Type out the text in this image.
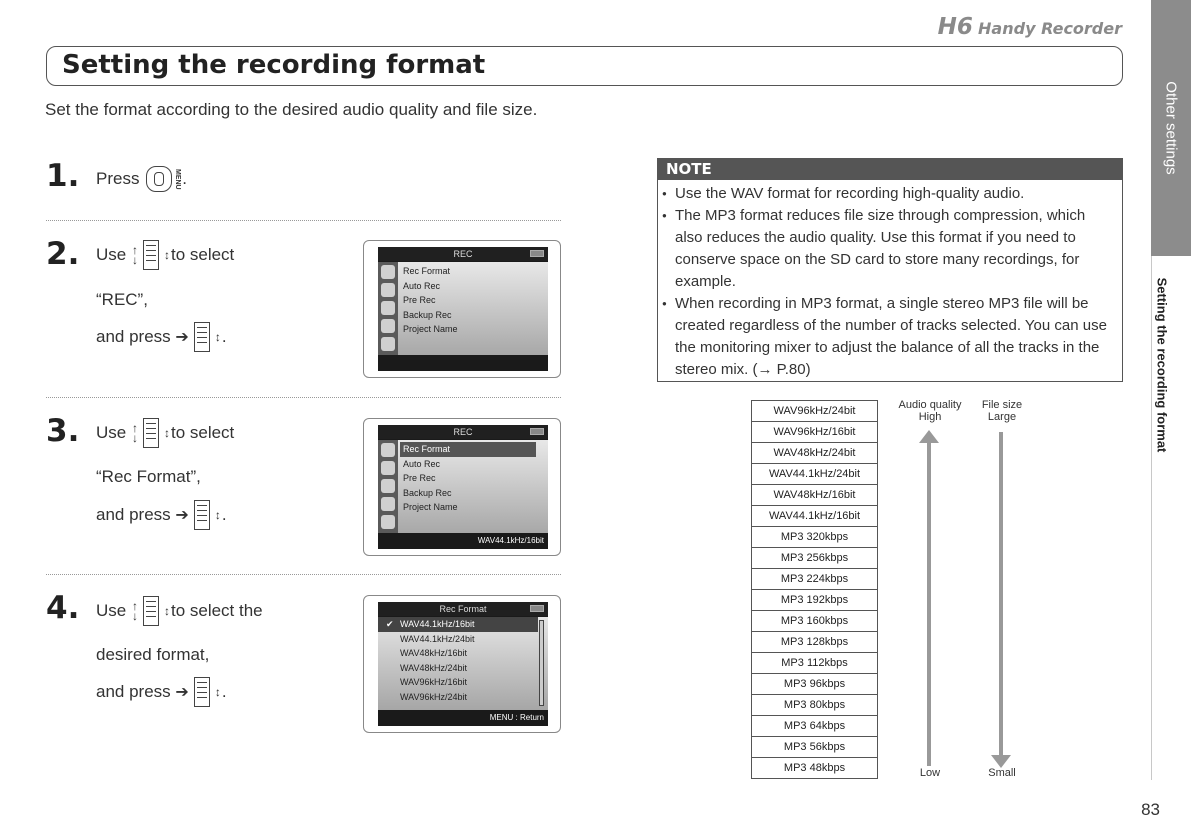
H6 Handy Recorder
Setting the recording format

Set the format according to the desired audio quality and file size.	Other settings
Setting the recording format
1. Press
	MENU .
2. Use
↑
↓ ↕ to select
“REC”,
and press
➔ ↕ .
REC
Rec Format
Auto Rec
Pre Rec
Backup Rec
Project Name
3. Use
↑
↓ ↕ to select
“Rec Format”,
and press
➔ ↕ .
REC
Rec Format
Auto Rec
Pre Rec
Backup Rec
Project Name
WAV44.1kHz/16bit
4. Use
↑
↓ ↕ to select the
desired format,
and press
➔ ↕ .
Rec Format
✔ WAV44.1kHz/16bit
WAV44.1kHz/24bit
WAV48kHz/16bit
WAV48kHz/24bit
WAV96kHz/16bit
WAV96kHz/24bit
MENU : Return
NOTE
● Use the WAV format for recording high-quality audio.
● The MP3 format reduces file size through compression, which also reduces the audio quality. Use this format if you need to conserve space on the SD card to store many recordings, for example.
● When recording in MP3 format, a single stereo MP3 file will be created regardless of the number of tracks selected. You can use the monitoring mixer to adjust the balance of all the tracks in the stereo mix. (→ P.80)
WAV96kHz/24bit
WAV96kHz/16bit
WAV48kHz/24bit
WAV44.1kHz/24bit
WAV48kHz/16bit
WAV44.1kHz/16bit
MP3 320kbps
MP3 256kbps
MP3 224kbps
MP3 192kbps
MP3 160kbps
MP3 128kbps
MP3 112kbps
MP3 96kbps
MP3 80kbps
MP3 64kbps
MP3 56kbps
MP3 48kbps
Audio quality
High
File size
Large
Low	Small
83
